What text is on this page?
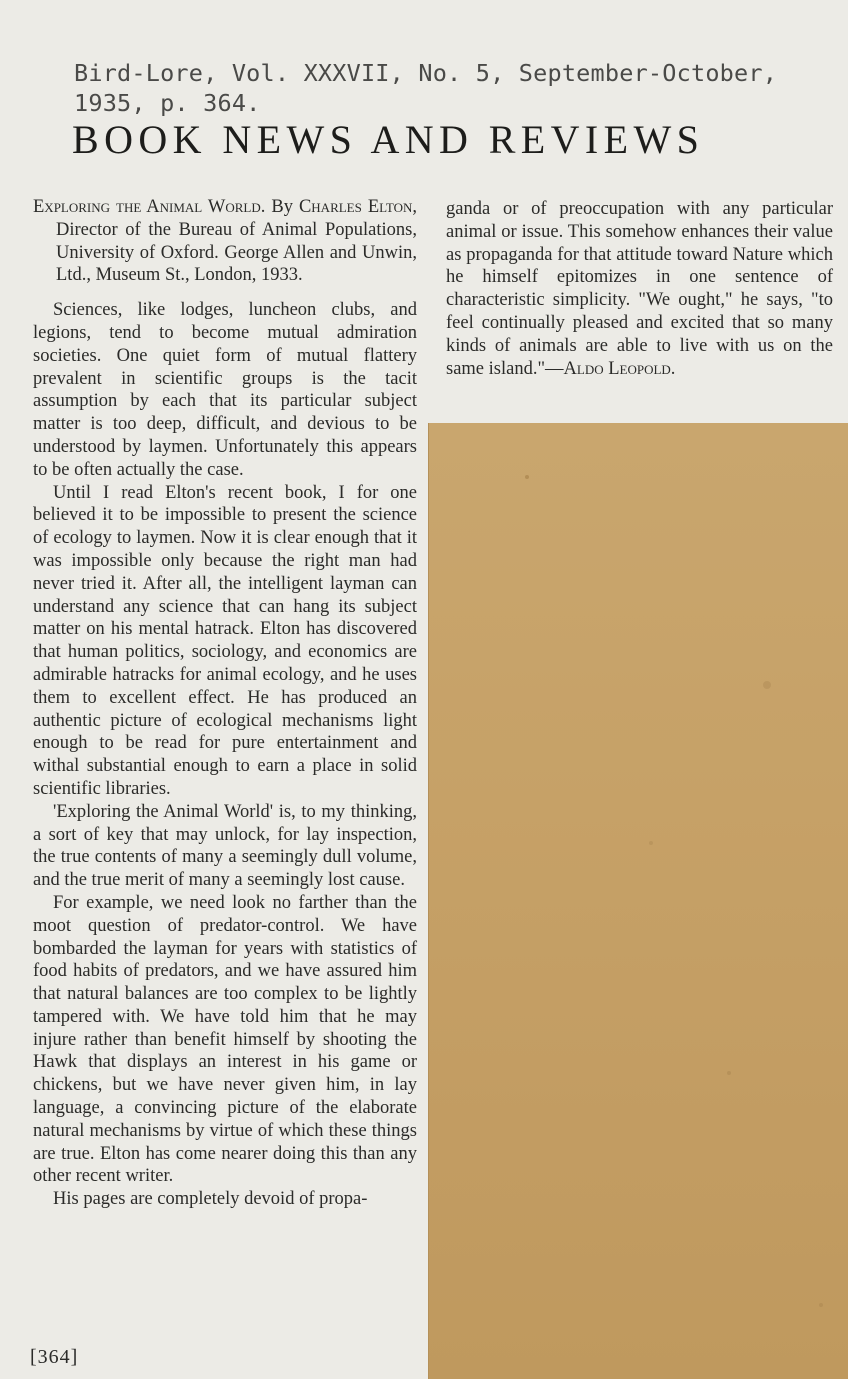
Bird-Lore, Vol. XXXVII, No. 5, September-October,
1935, p. 364.
BOOK NEWS AND REVIEWS

Exploring the Animal World. By Charles Elton, Director of the Bureau of Animal Populations, University of Oxford. George Allen and Unwin, Ltd., Museum St., London, 1933.

Sciences, like lodges, luncheon clubs, and legions, tend to become mutual admiration societies. One quiet form of mutual flattery prevalent in scientific groups is the tacit assumption by each that its particular subject matter is too deep, difficult, and devious to be understood by laymen. Unfortunately this appears to be often actually the case.

Until I read Elton's recent book, I for one believed it to be impossible to present the science of ecology to laymen. Now it is clear enough that it was impossible only because the right man had never tried it. After all, the intelligent layman can understand any science that can hang its subject matter on his mental hatrack. Elton has discovered that human politics, sociology, and economics are admirable hatracks for animal ecology, and he uses them to excellent effect. He has produced an authentic picture of ecological mechanisms light enough to be read for pure entertainment and withal substantial enough to earn a place in solid scientific libraries.

'Exploring the Animal World' is, to my thinking, a sort of key that may unlock, for lay inspection, the true contents of many a seemingly dull volume, and the true merit of many a seemingly lost cause.

For example, we need look no farther than the moot question of predator-control. We have bombarded the layman for years with statistics of food habits of predators, and we have assured him that natural balances are too complex to be lightly tampered with. We have told him that he may injure rather than benefit himself by shooting the Hawk that displays an interest in his game or chickens, but we have never given him, in lay language, a convincing picture of the elaborate natural mechanisms by virtue of which these things are true. Elton has come nearer doing this than any other recent writer.

His pages are completely devoid of propa-

ganda or of preoccupation with any particular animal or issue. This somehow enhances their value as propaganda for that attitude toward Nature which he himself epitomizes in one sentence of characteristic simplicity. "We ought," he says, "to feel continually pleased and excited that so many kinds of animals are able to live with us on the same island."—Aldo Leopold.

[364]
